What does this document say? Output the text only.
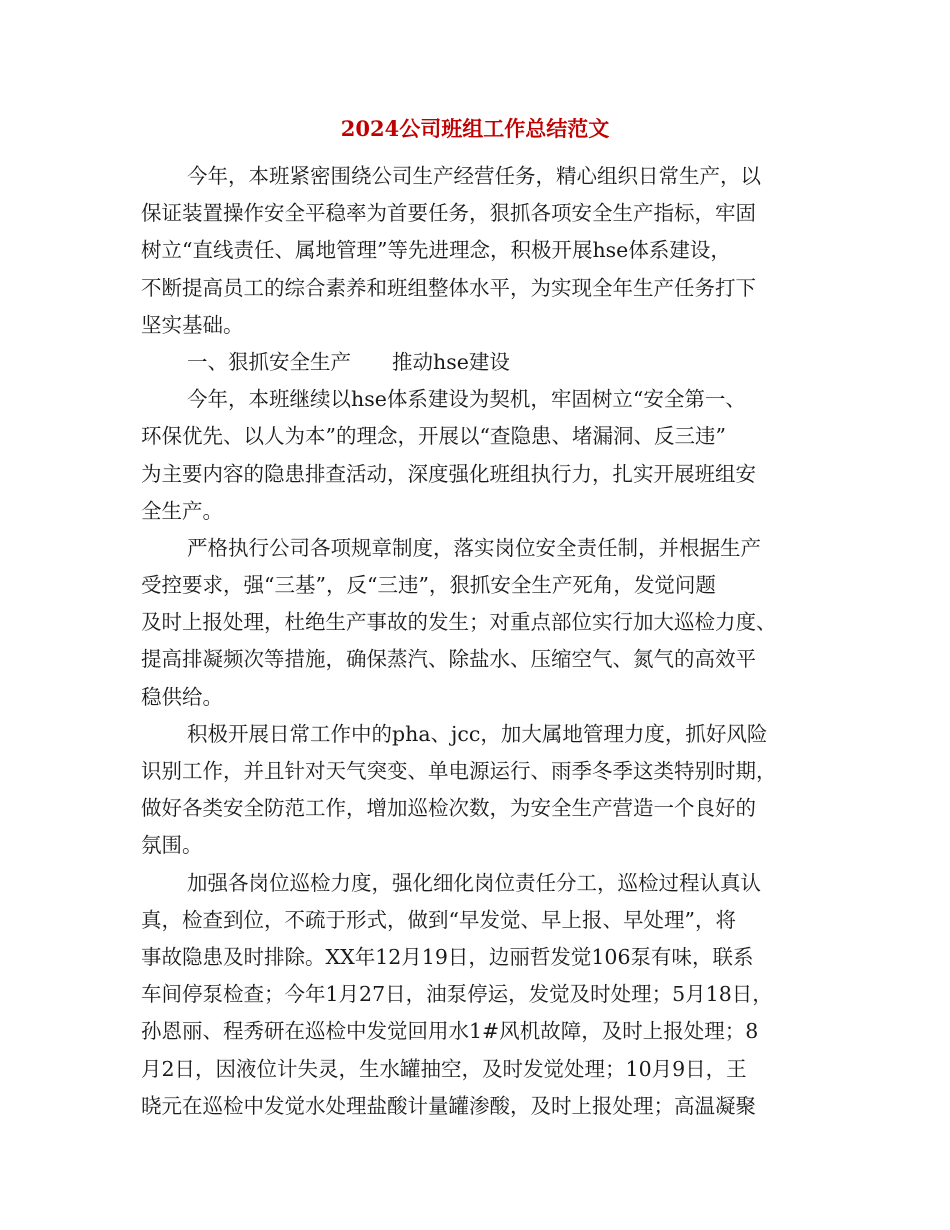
2024公司班组工作总结范文
今年，本班紧密围绕公司生产经营任务，精心组织日常生产，以
保证装置操作安全平稳率为首要任务，狠抓各项安全生产指标，牢固
树立“直线责任、属地管理”等先进理念，积极开展hse体系建设，
不断提高员工的综合素养和班组整体水平，为实现全年生产任务打下
坚实基础。
一、狠抓安全生产　　推动hse建设
今年，本班继续以hse体系建设为契机，牢固树立“安全第一、
环保优先、以人为本”的理念，开展以“查隐患、堵漏洞、反三违”
为主要内容的隐患排查活动，深度强化班组执行力，扎实开展班组安
全生产。
严格执行公司各项规章制度，落实岗位安全责任制，并根据生产
受控要求，强“三基”，反“三违”，狠抓安全生产死角，发觉问题
及时上报处理，杜绝生产事故的发生；对重点部位实行加大巡检力度、
提高排凝频次等措施，确保蒸汽、除盐水、压缩空气、氮气的高效平
稳供给。
积极开展日常工作中的pha、jcc，加大属地管理力度，抓好风险
识别工作，并且针对天气突变、单电源运行、雨季冬季这类特别时期，
做好各类安全防范工作，增加巡检次数，为安全生产营造一个良好的
氛围。
加强各岗位巡检力度，强化细化岗位责任分工，巡检过程认真认
真，检查到位，不疏于形式，做到“早发觉、早上报、早处理”，将
事故隐患及时排除。XX年12月19日，边丽哲发觉106泵有味，联系
车间停泵检查；今年1月27日，油泵停运，发觉及时处理；5月18日，
孙恩丽、程秀研在巡检中发觉回用水1#风机故障，及时上报处理；8
月2日，因液位计失灵，生水罐抽空，及时发觉处理；10月9日，王
晓元在巡检中发觉水处理盐酸计量罐渗酸，及时上报处理；高温凝聚
